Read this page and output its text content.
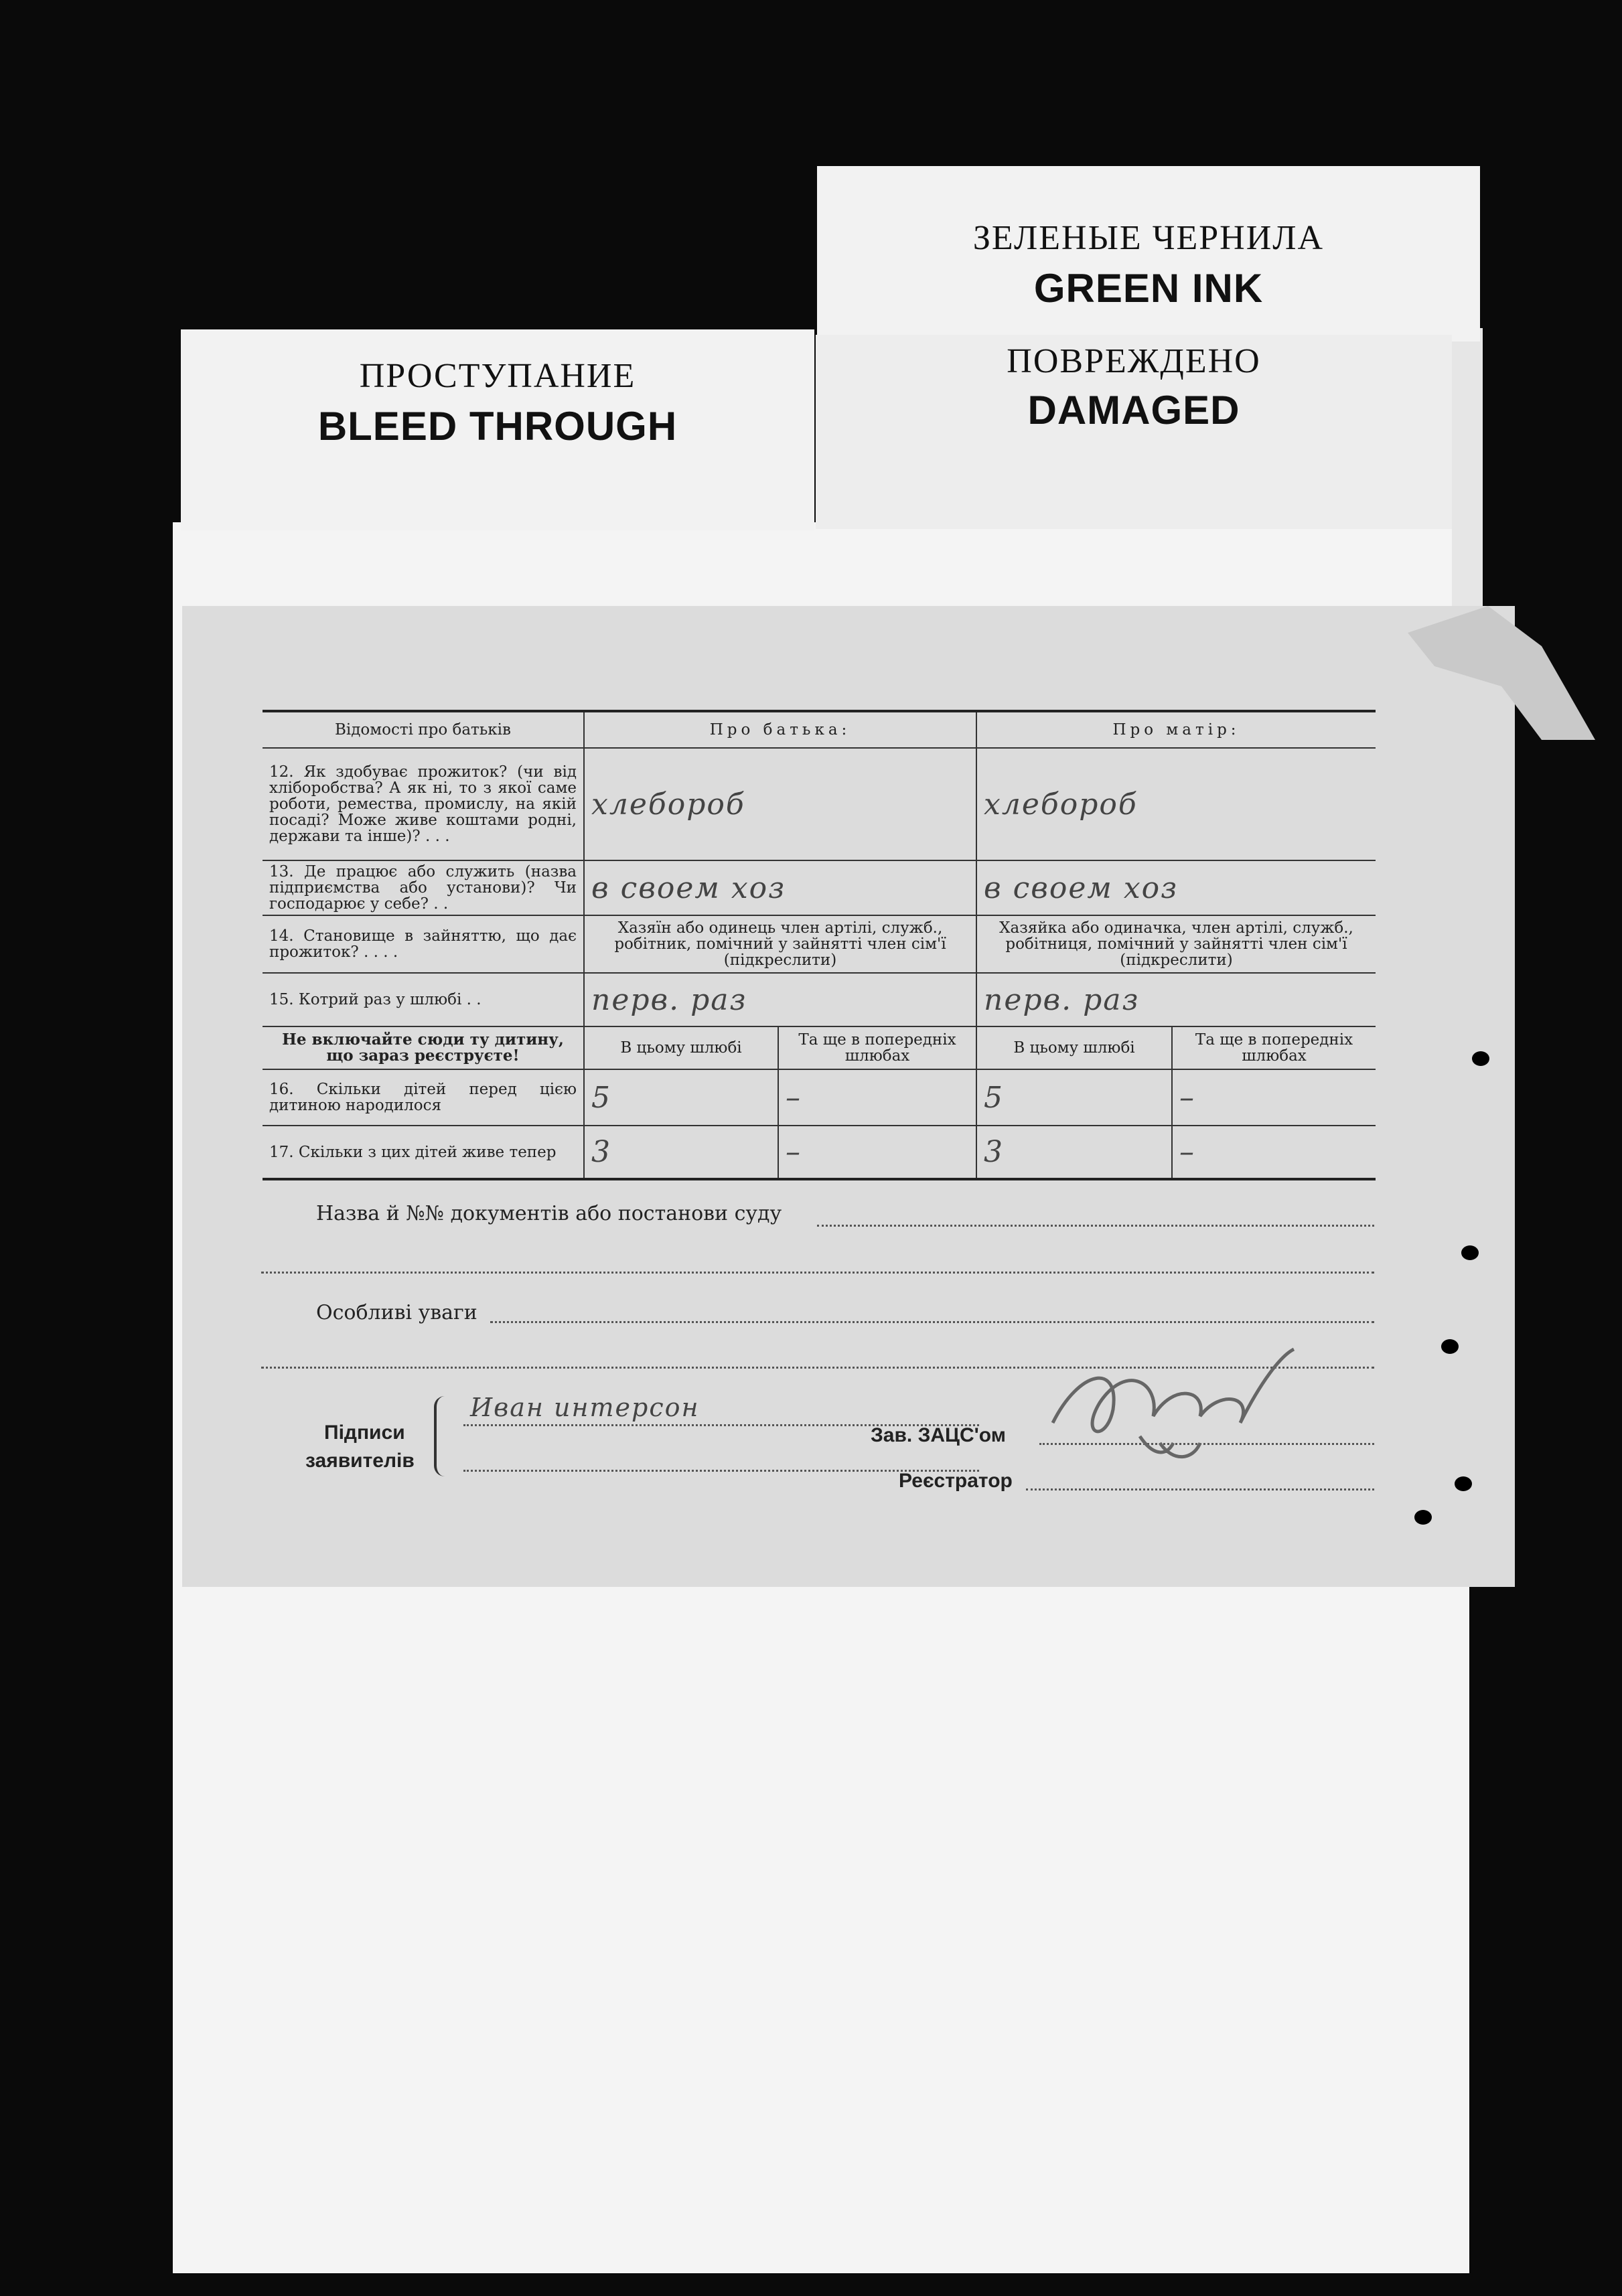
ЗЕЛЕНЫЕ ЧЕРНИЛА
GREEN INK
ПОВРЕЖДЕНО
DAMAGED
ПРОСТУПАНИЕ
BLEED THROUGH
Відомості про батьків	Про батька:		Про матір:	
12. Як здобуває прожиток? (чи від хліборобства? А як ні, то з якої саме роботи, ремества, промислу, на якій посаді? Може живе коштами родні, держави та інше)? . . .	хлебороб		хлебороб	
13. Де працює або служить (назва підприємства або установи)? Чи господарює у себе? . .	в своем хоз		в своем хоз	
14. Становище в зайняттю, що дає прожиток? . . . .	Хазяїн або одинець член артілі, служб., робітник, помічний у зайнятті член сім'ї (підкреслити)		Хазяйка або одиначка, член артілі, служб., робітниця, помічний у зайнятті член сім'ї (підкреслити)	
15. Котрий раз у шлюбі . .	перв. раз		перв. раз	
Не включайте сюди ту дитину, що зараз реєструєте!	В цьому шлюбі	Та ще в попередніх шлюбах	В цьому шлюбі	Та ще в попередніх шлюбах
16. Скільки дітей перед цією дитиною народилося	5	–	5	–
17. Скільки з цих дітей живе тепер	3	–	3	–
Назва й №№ документів або постанови суду
Особливі уваги
Підписи
заявителів
Иван интерсон
Зав. ЗАЦС'ом
Реєстратор
